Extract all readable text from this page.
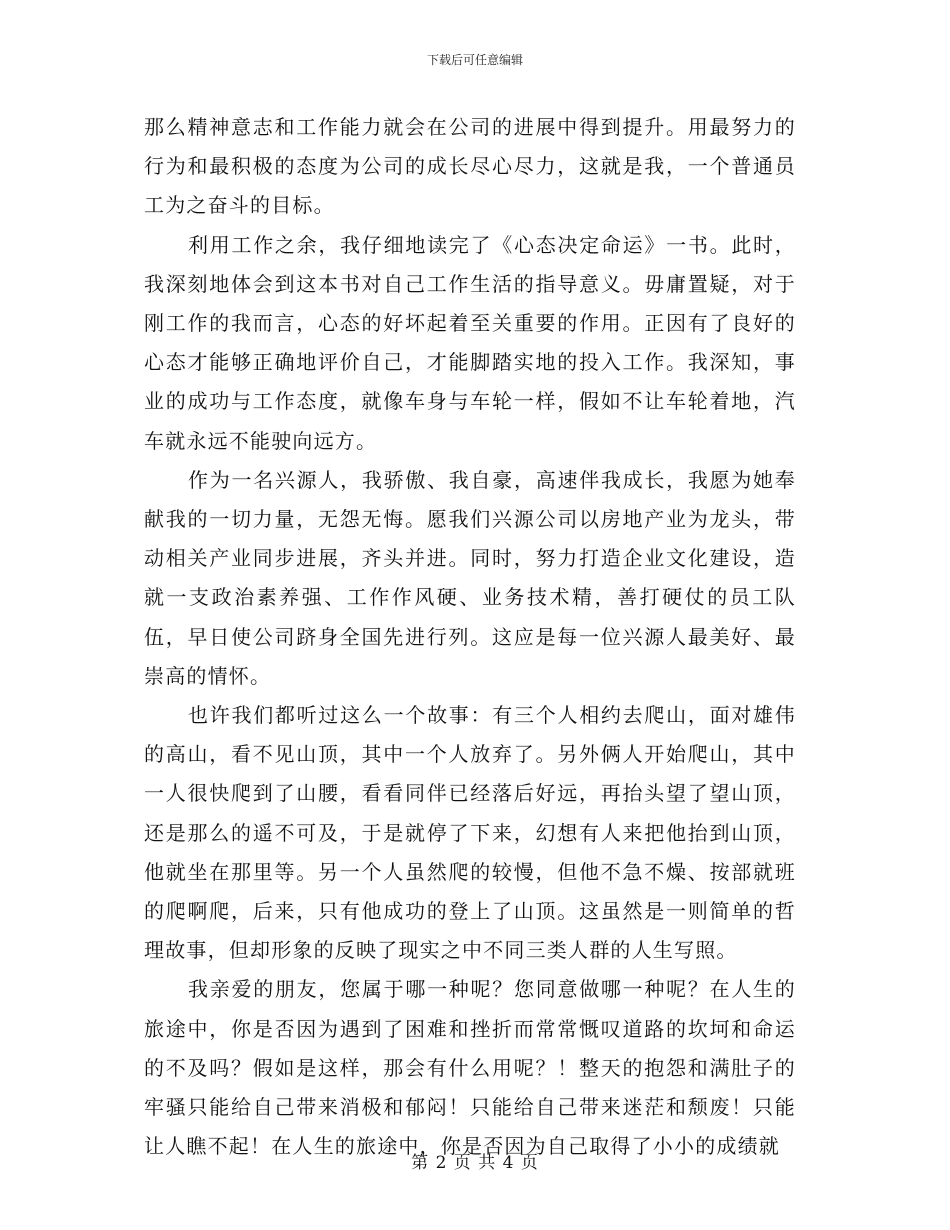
下载后可任意编辑

那么精神意志和工作能力就会在公司的进展中得到提升。用最努力的行为和最积极的态度为公司的成长尽心尽力，这就是我，一个普通员工为之奋斗的目标。

利用工作之余，我仔细地读完了《心态决定命运》一书。此时，我深刻地体会到这本书对自己工作生活的指导意义。毋庸置疑，对于刚工作的我而言，心态的好坏起着至关重要的作用。正因有了良好的心态才能够正确地评价自己，才能脚踏实地的投入工作。我深知，事业的成功与工作态度，就像车身与车轮一样，假如不让车轮着地，汽车就永远不能驶向远方。

作为一名兴源人，我骄傲、我自豪，高速伴我成长，我愿为她奉献我的一切力量，无怨无悔。愿我们兴源公司以房地产业为龙头，带动相关产业同步进展，齐头并进。同时，努力打造企业文化建设，造就一支政治素养强、工作作风硬、业务技术精，善打硬仗的员工队伍，早日使公司跻身全国先进行列。这应是每一位兴源人最美好、最崇高的情怀。

也许我们都听过这么一个故事：有三个人相约去爬山，面对雄伟的高山，看不见山顶，其中一个人放弃了。另外俩人开始爬山，其中一人很快爬到了山腰，看看同伴已经落后好远，再抬头望了望山顶，还是那么的遥不可及，于是就停了下来，幻想有人来把他抬到山顶，他就坐在那里等。另一个人虽然爬的较慢，但他不急不燥、按部就班的爬啊爬，后来，只有他成功的登上了山顶。这虽然是一则简单的哲理故事，但却形象的反映了现实之中不同三类人群的人生写照。

我亲爱的朋友，您属于哪一种呢？您同意做哪一种呢？在人生的旅途中，你是否因为遇到了困难和挫折而常常慨叹道路的坎坷和命运的不及吗？假如是这样，那会有什么用呢？！整天的抱怨和满肚子的牢骚只能给自己带来消极和郁闷！只能给自己带来迷茫和颓废！只能让人瞧不起！在人生的旅途中，你是否因为自己取得了小小的成绩就

第 2 页 共 4 页
